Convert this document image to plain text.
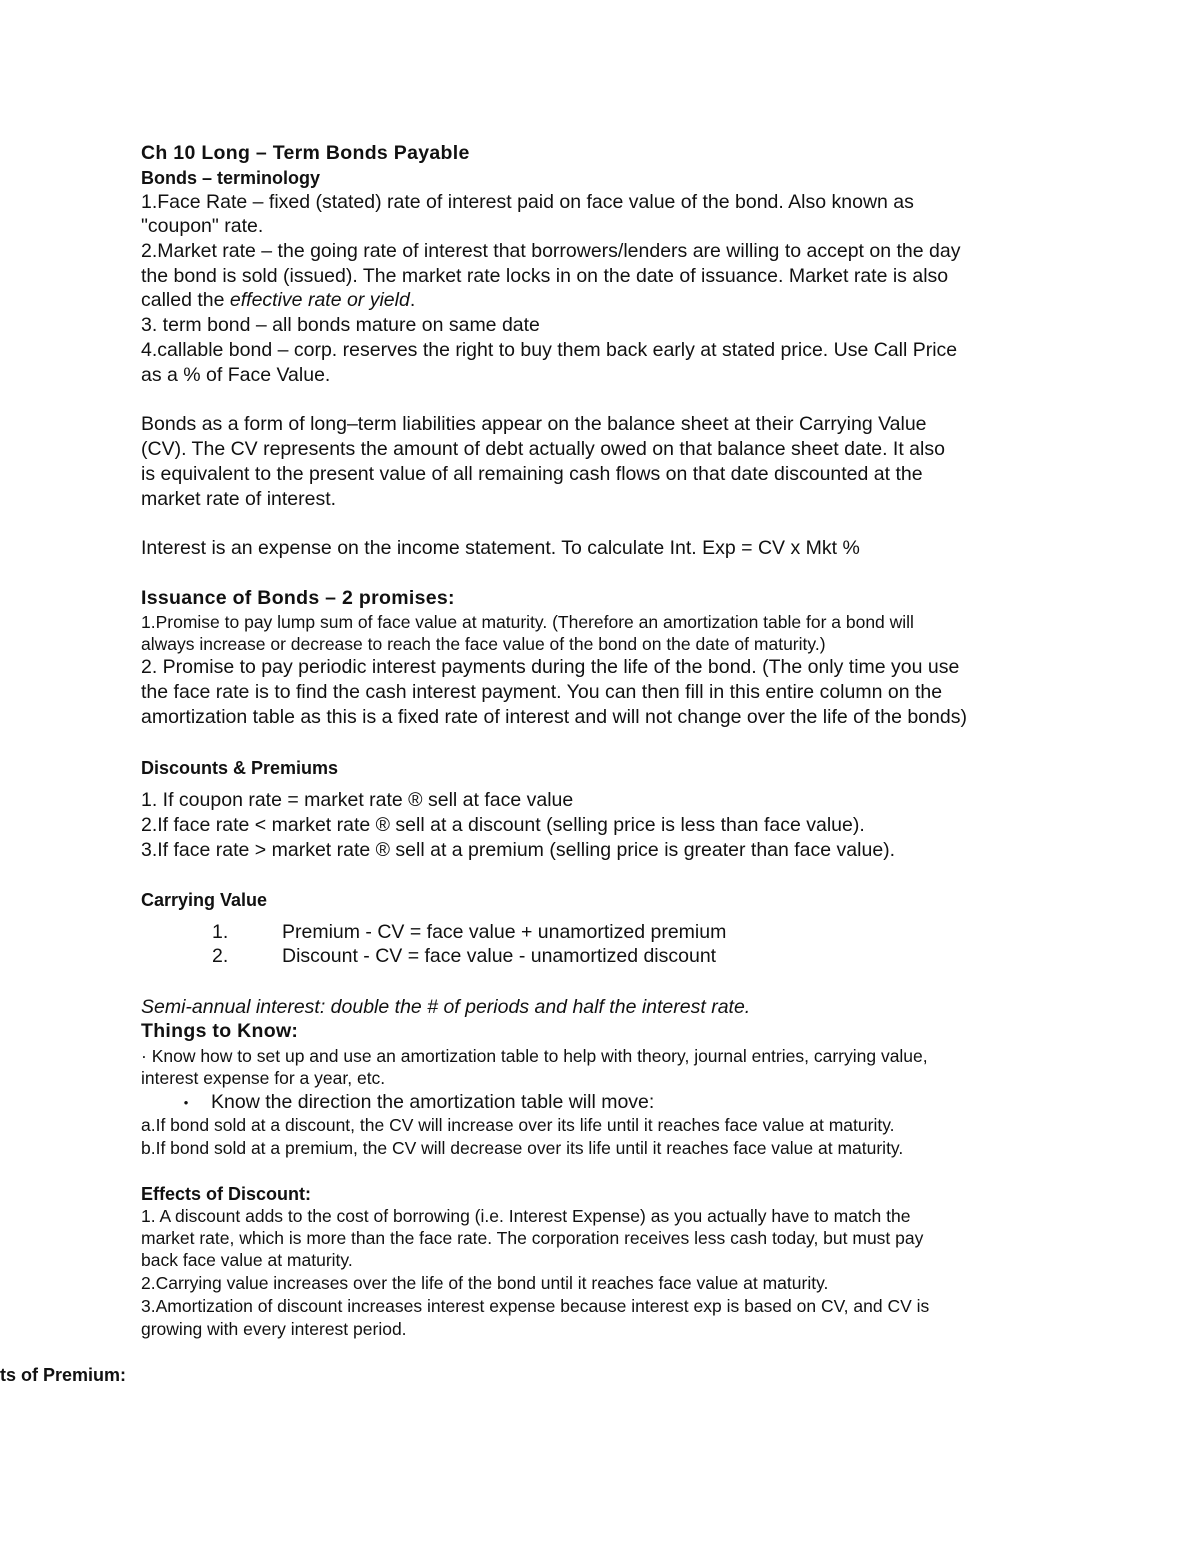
Ch 10 Long – Term Bonds Payable
Bonds – terminology
1.Face Rate – fixed (stated) rate of interest paid on face value of the bond. Also known as
"coupon" rate.
2.Market rate – the going rate of interest that borrowers/lenders are willing to accept on the day
the bond is sold (issued). The market rate locks in on the date of issuance. Market rate is also
called the effective rate or yield.
3. term bond – all bonds mature on same date
4.callable bond – corp. reserves the right to buy them back early at stated price. Use Call Price
as a % of Face Value.
Bonds as a form of long–term liabilities appear on the balance sheet at their Carrying Value
(CV). The CV represents the amount of debt actually owed on that balance sheet date. It also
is equivalent to the present value of all remaining cash flows on that date discounted at the
market rate of interest.
Interest is an expense on the income statement. To calculate Int. Exp = CV x Mkt %
Issuance of Bonds – 2 promises:
1.Promise to pay lump sum of face value at maturity. (Therefore an amortization table for a bond will
always increase or decrease to reach the face value of the bond on the date of maturity.)
2. Promise to pay periodic interest payments during the life of the bond. (The only time you use
the face rate is to find the cash interest payment. You can then fill in this entire column on the
amortization table as this is a fixed rate of interest and will not change over the life of the bonds)
Discounts & Premiums
1. If coupon rate = market rate ® sell at face value
2.If face rate < market rate ® sell at a discount (selling price is less than face value).
3.If face rate > market rate ® sell at a premium (selling price is greater than face value).
Carrying Value
1.	Premium - CV = face value + unamortized premium
2.	Discount - CV = face value - unamortized discount
Semi-annual interest: double the # of periods and half the interest rate.
Things to Know:
· Know how to set up and use an amortization table to help with theory, journal entries, carrying value,
interest expense for a year, etc.
• Know the direction the amortization table will move:
a.If bond sold at a discount, the CV will increase over its life until it reaches face value at maturity.
b.If bond sold at a premium, the CV will decrease over its life until it reaches face value at maturity.
Effects of Discount:
1. A discount adds to the cost of borrowing (i.e. Interest Expense) as you actually have to match the
market rate, which is more than the face rate. The corporation receives less cash today, but must pay
back face value at maturity.
2.Carrying value increases over the life of the bond until it reaches face value at maturity.
3.Amortization of discount increases interest expense because interest exp is based on CV, and CV is
growing with every interest period.
ts of Premium:
